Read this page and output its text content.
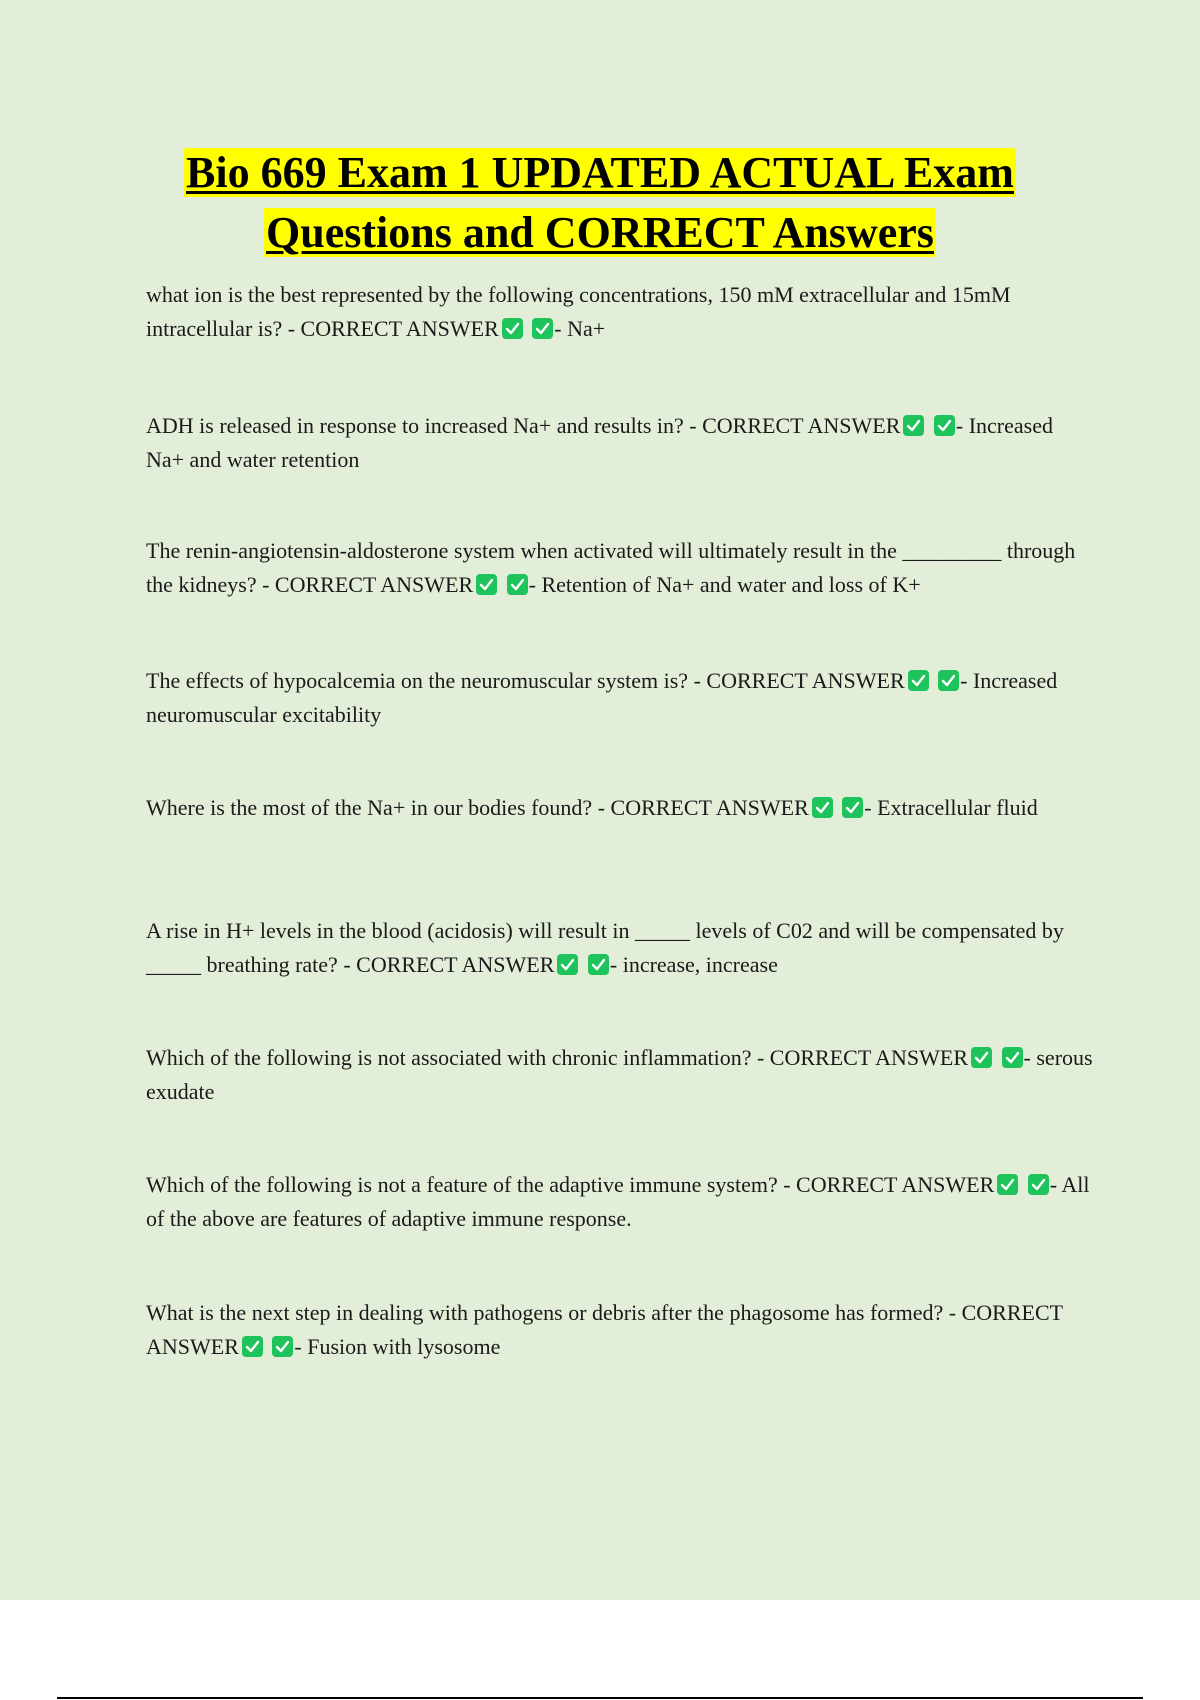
Bio 669 Exam 1 UPDATED ACTUAL Exam
Questions and CORRECT Answers

what ion is the best represented by the following concentrations, 150 mM extracellular and 15mM intracellular is? - CORRECT ANSWER
	- Na+

ADH is released in response to increased Na+ and results in? - CORRECT ANSWER
	- Increased Na+ and water retention

The renin-angiotensin-aldosterone system when activated will ultimately result in the _________ through the kidneys? - CORRECT ANSWER
	- Retention of Na+ and water and loss of K+

The effects of hypocalcemia on the neuromuscular system is? - CORRECT ANSWER
	- Increased neuromuscular excitability

Where is the most of the Na+ in our bodies found? - CORRECT ANSWER
	- Extracellular fluid

A rise in H+ levels in the blood (acidosis) will result in _____ levels of C02 and will be compensated by _____ breathing rate? - CORRECT ANSWER
	- increase, increase

Which of the following is not associated with chronic inflammation? - CORRECT ANSWER
	- serous exudate

Which of the following is not a feature of the adaptive immune system? - CORRECT ANSWER
	- All of the above are features of adaptive immune response.

What is the next step in dealing with pathogens or debris after the phagosome has formed? - CORRECT ANSWER
	- Fusion with lysosome
